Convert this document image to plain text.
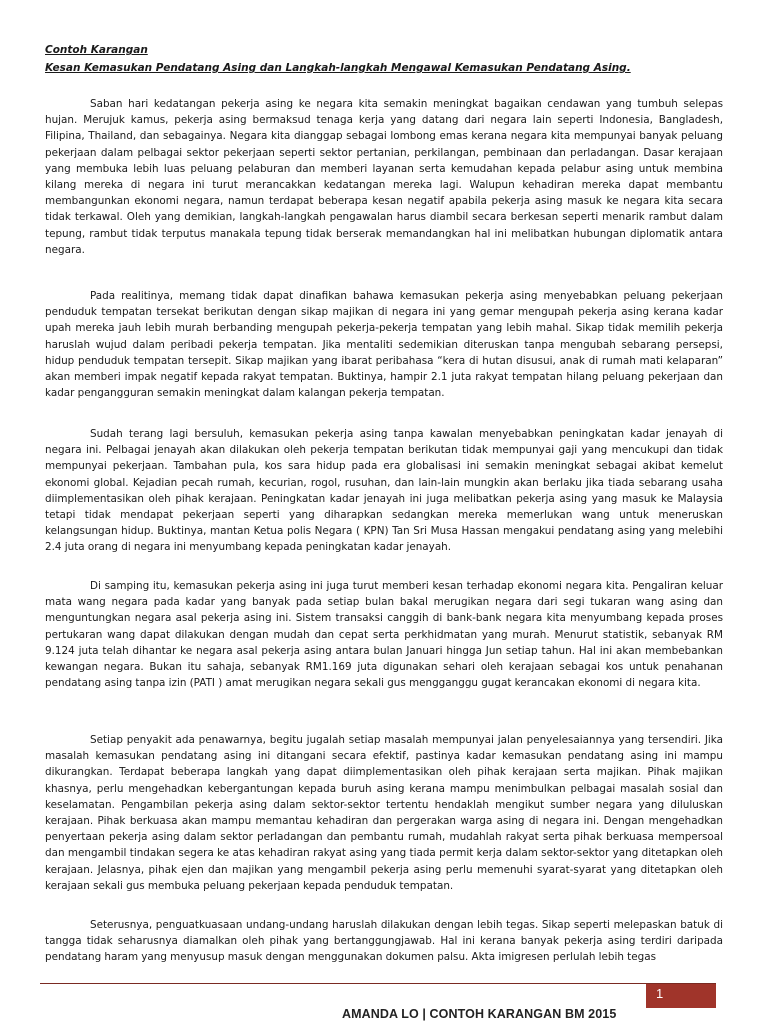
Contoh Karangan
Kesan Kemasukan Pendatang Asing dan Langkah-langkah Mengawal Kemasukan Pendatang Asing.

Saban hari kedatangan pekerja asing ke negara kita semakin meningkat bagaikan cendawan yang tumbuh selepas hujan. Merujuk kamus, pekerja asing bermaksud tenaga kerja yang datang dari negara lain seperti Indonesia, Bangladesh, Filipina, Thailand, dan sebagainya. Negara kita dianggap sebagai lombong emas kerana negara kita mempunyai banyak peluang pekerjaan dalam pelbagai sektor pekerjaan seperti sektor pertanian, perkilangan, pembinaan dan perladangan. Dasar kerajaan yang membuka lebih luas peluang pelaburan dan memberi layanan serta kemudahan kepada pelabur asing untuk membina kilang mereka di negara ini turut merancakkan kedatangan mereka lagi. Walupun kehadiran mereka dapat membantu membangunkan ekonomi negara, namun terdapat beberapa kesan negatif apabila pekerja asing masuk ke negara kita secara tidak terkawal. Oleh yang demikian, langkah-langkah pengawalan harus diambil secara berkesan seperti menarik rambut dalam tepung, rambut tidak terputus manakala tepung tidak berserak memandangkan hal ini melibatkan hubungan diplomatik antara negara.

Pada realitinya, memang tidak dapat dinafikan bahawa kemasukan pekerja asing menyebabkan peluang pekerjaan penduduk tempatan tersekat berikutan dengan sikap majikan di negara ini yang gemar mengupah pekerja asing kerana kadar upah mereka jauh lebih murah berbanding mengupah pekerja-pekerja tempatan yang lebih mahal. Sikap tidak memilih pekerja haruslah wujud dalam peribadi pekerja tempatan. Jika mentaliti sedemikian diteruskan tanpa mengubah sebarang persepsi, hidup penduduk tempatan tersepit. Sikap majikan yang ibarat peribahasa “kera di hutan disusui, anak di rumah mati kelaparan” akan memberi impak negatif kepada rakyat tempatan. Buktinya, hampir 2.1 juta rakyat tempatan hilang peluang pekerjaan dan kadar pengangguran semakin meningkat dalam kalangan pekerja tempatan.

Sudah terang lagi bersuluh, kemasukan pekerja asing tanpa kawalan menyebabkan peningkatan kadar jenayah di negara ini. Pelbagai jenayah akan dilakukan oleh pekerja tempatan berikutan tidak mempunyai gaji yang mencukupi dan tidak mempunyai pekerjaan. Tambahan pula, kos sara hidup pada era globalisasi ini semakin meningkat sebagai akibat kemelut ekonomi global. Kejadian pecah rumah, kecurian, rogol, rusuhan, dan lain-lain mungkin akan berlaku jika tiada sebarang usaha diimplementasikan oleh pihak kerajaan. Peningkatan kadar jenayah ini juga melibatkan pekerja asing yang masuk ke Malaysia tetapi tidak mendapat pekerjaan seperti yang diharapkan sedangkan mereka memerlukan wang untuk meneruskan kelangsungan hidup. Buktinya, mantan Ketua polis Negara ( KPN) Tan Sri Musa Hassan mengakui pendatang asing yang melebihi 2.4 juta orang di negara ini menyumbang kepada peningkatan kadar jenayah.

Di samping itu, kemasukan pekerja asing ini juga turut memberi kesan terhadap ekonomi negara kita. Pengaliran keluar mata wang negara pada kadar yang banyak pada setiap bulan bakal merugikan negara dari segi tukaran wang asing dan menguntungkan negara asal pekerja asing ini. Sistem transaksi canggih di bank-bank negara kita menyumbang kepada proses pertukaran wang dapat dilakukan dengan mudah dan cepat serta perkhidmatan yang murah. Menurut statistik, sebanyak RM 9.124 juta telah dihantar ke negara asal pekerja asing antara bulan Januari hingga Jun setiap tahun. Hal ini akan membebankan kewangan negara. Bukan itu sahaja, sebanyak RM1.169 juta digunakan sehari oleh kerajaan sebagai kos untuk penahanan pendatang asing tanpa izin (PATI ) amat merugikan negara sekali gus mengganggu gugat kerancakan ekonomi di negara kita.

Setiap penyakit ada penawarnya, begitu jugalah setiap masalah mempunyai jalan penyelesaiannya yang tersendiri. Jika masalah kemasukan pendatang asing ini ditangani secara efektif, pastinya kadar kemasukan pendatang asing ini mampu dikurangkan. Terdapat beberapa langkah yang dapat diimplementasikan oleh pihak kerajaan serta majikan. Pihak majikan khasnya, perlu mengehadkan kebergantungan kepada buruh asing kerana mampu menimbulkan pelbagai masalah sosial dan keselamatan. Pengambilan pekerja asing dalam sektor-sektor tertentu hendaklah mengikut sumber negara yang diluluskan kerajaan. Pihak berkuasa akan mampu memantau kehadiran dan pergerakan warga asing di negara ini. Dengan mengehadkan penyertaan pekerja asing dalam sektor perladangan dan pembantu rumah, mudahlah rakyat serta pihak berkuasa mempersoal dan mengambil tindakan segera ke atas kehadiran rakyat asing yang tiada permit kerja dalam sektor-sektor yang ditetapkan oleh kerajaan. Jelasnya, pihak ejen dan majikan yang mengambil pekerja asing perlu memenuhi syarat-syarat yang ditetapkan oleh kerajaan sekali gus membuka peluang pekerjaan kepada penduduk tempatan.

Seterusnya, penguatkuasaan undang-undang haruslah dilakukan dengan lebih tegas. Sikap seperti melepaskan batuk di tangga tidak seharusnya diamalkan oleh pihak yang bertanggungjawab. Hal ini kerana banyak pekerja asing terdiri daripada pendatang haram yang menyusup masuk dengan menggunakan dokumen palsu. Akta imigresen perlulah lebih tegas

AMANDA LO | CONTOH KARANGAN BM 2015
1
